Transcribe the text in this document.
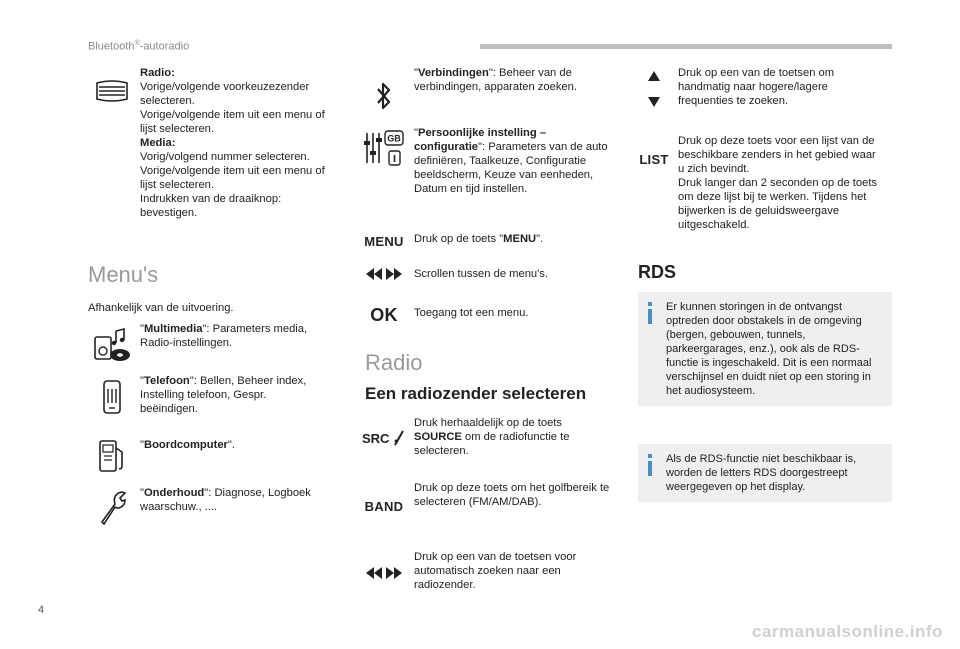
Bluetooth®-autoradio
Radio:
Vorige/volgende voorkeuzezender selecteren.
Vorige/volgende item uit een menu of lijst selecteren.
Media:
Vorig/volgend nummer selecteren.
Vorige/volgende item uit een menu of lijst selecteren.
Indrukken van de draaiknop: bevestigen.
Menu's
Afhankelijk van de uitvoering.
"Multimedia": Parameters media, Radio-instellingen.
"Telefoon": Bellen, Beheer index, Instelling telefoon, Gespr. beëindigen.
"Boordcomputer".
"Onderhoud": Diagnose, Logboek waarschuw., ....
"Verbindingen": Beheer van de verbindingen, apparaten zoeken.
GB "Persoonlijke instelling – configuratie": Parameters van de auto definiëren, Taalkeuze, Configuratie beeldscherm, Keuze van eenheden, Datum en tijd instellen.
MENU Druk op de toets "MENU".
Scrollen tussen de menu's.
OK Toegang tot een menu.
Radio
Een radiozender selecteren
SRC
Druk herhaaldelijk op de toets SOURCE om de radiofunctie te selecteren.
BAND
Druk op deze toets om het golfbereik te selecteren (FM/AM/DAB).
Druk op een van de toetsen voor automatisch zoeken naar een radiozender.
Druk op een van de toetsen om handmatig naar hogere/lagere frequenties te zoeken.
LIST
Druk op deze toets voor een lijst van de beschikbare zenders in het gebied waar u zich bevindt.
Druk langer dan 2 seconden op de toets om deze lijst bij te werken. Tijdens het bijwerken is de geluidsweergave uitgeschakeld.
RDS
Er kunnen storingen in de ontvangst optreden door obstakels in de omgeving (bergen, gebouwen, tunnels, parkeergarages, enz.), ook als de RDS-functie is ingeschakeld. Dit is een normaal verschijnsel en duidt niet op een storing in het audiosysteem.
Als de RDS-functie niet beschikbaar is, worden de letters RDS doorgestreept weergegeven op het display.
4
carmanualsonline.info
